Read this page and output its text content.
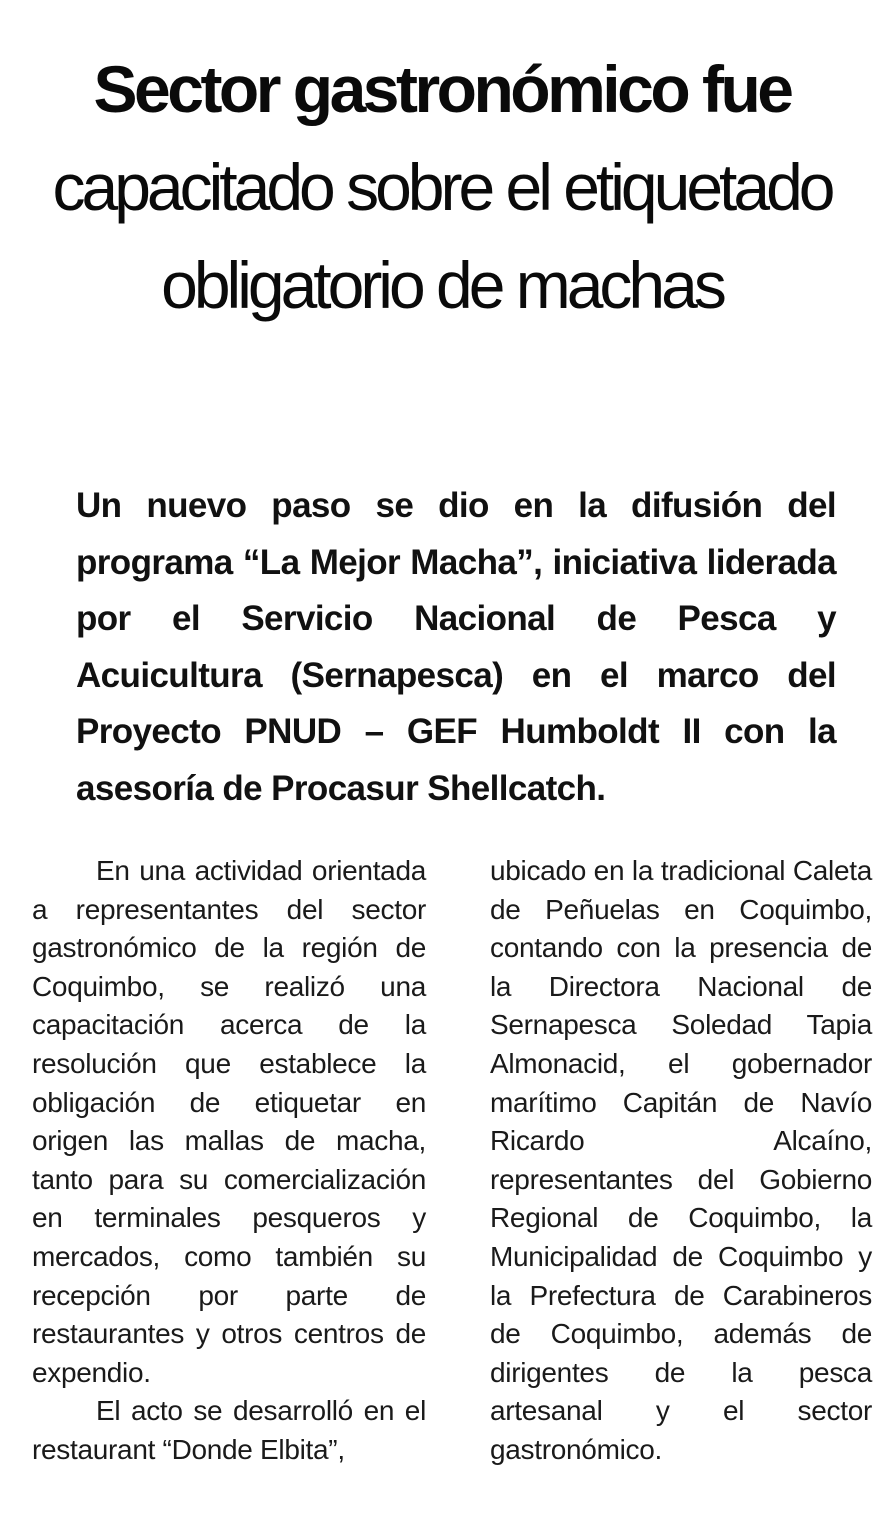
Sector gastronómico fue
capacitado sobre el etiquetado
obligatorio de machas

Un nuevo paso se dio en la difusión del programa “La Mejor Macha”, iniciativa liderada por el Servicio Nacional de Pesca y Acuicultura (Sernapesca) en el marco del Proyecto PNUD – GEF Humboldt II con la asesoría de Procasur Shellcatch.

En una actividad orientada a representantes del sector gastronómico de la región de Coquimbo, se realizó una capacitación acerca de la resolución que establece la obligación de etiquetar en origen las mallas de macha, tanto para su comercialización en terminales pesqueros y mercados, como también su recepción por parte de restaurantes y otros centros de expendio.

El acto se desarrolló en el restaurant “Donde Elbita”,

ubicado en la tradicional Caleta de Peñuelas en Coquimbo, contando con la presencia de la Directora Nacional de Sernapesca Soledad Tapia Almonacid, el gobernador marítimo Capitán de Navío Ricardo Alcaíno, representantes del Gobierno Regional de Coquimbo, la Municipalidad de Coquimbo y la Prefectura de Carabineros de Coquimbo, además de dirigentes de la pesca artesanal y el sector gastronómico.
